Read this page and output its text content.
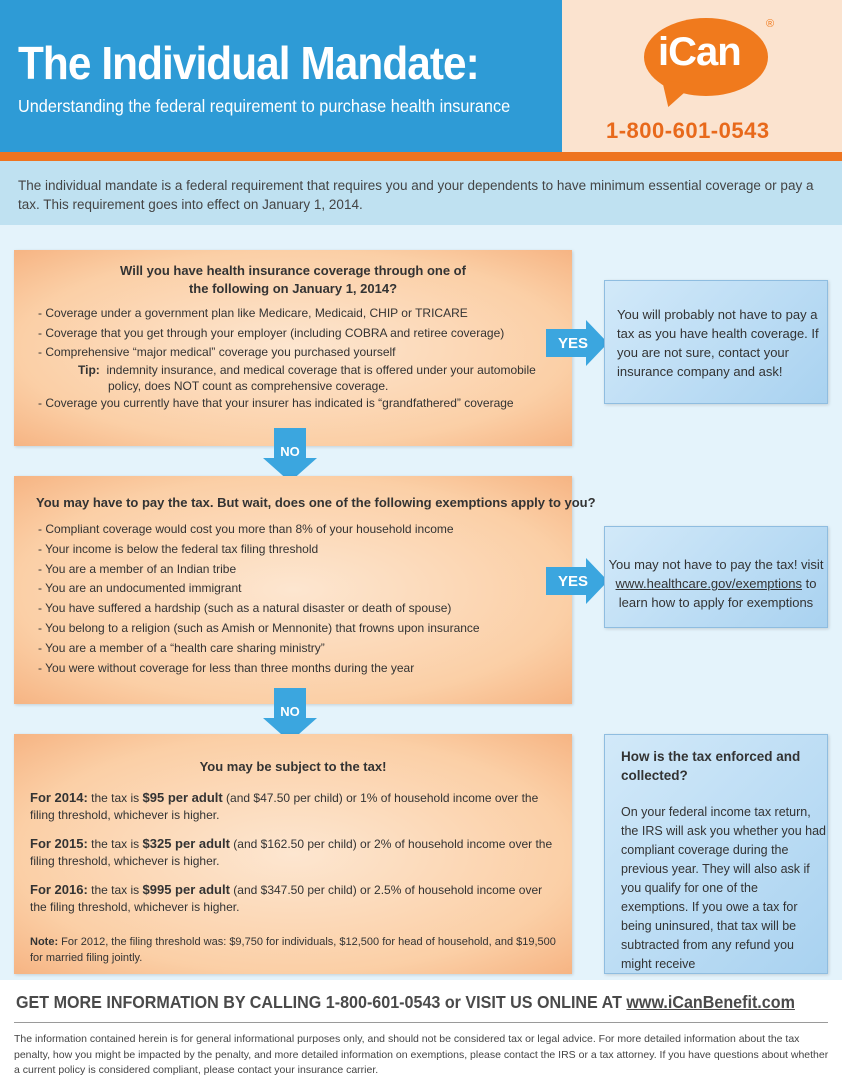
The Individual Mandate:
Understanding the federal requirement to purchase health insurance
iCan
®
1-800-601-0543
The individual mandate is a federal requirement that requires you and your dependents to have minimum essential coverage or pay a tax. This requirement goes into effect on January 1, 2014.
Will you have health insurance coverage through one of
the following on January 1, 2014?
- Coverage under a government plan like Medicare, Medicaid, CHIP or TRICARE
- Coverage that you get through your employer (including COBRA and retiree coverage)
- Comprehensive “major medical” coverage you purchased yourself
Tip: indemnity insurance, and medical coverage that is offered under your automobile
policy, does NOT count as comprehensive coverage.
- Coverage you currently have that your insurer has indicated is “grandfathered” coverage
YES
You will probably not have to pay a tax as you have health coverage. If you are not sure, contact your insurance company and ask!
NO
You may have to pay the tax. But wait, does one of the following exemptions apply to you?
- Compliant coverage would cost you more than 8% of your household income
- Your income is below the federal tax filing threshold
- You are a member of an Indian tribe
- You are an undocumented immigrant
- You have suffered a hardship (such as a natural disaster or death of spouse)
- You belong to a religion (such as Amish or Mennonite) that frowns upon insurance
- You are a member of a “health care sharing ministry”
- You were without coverage for less than three months during the year
YES
You may not have to pay the tax! visit
www.healthcare.gov/exemptions to
learn how to apply for exemptions
NO
You may be subject to the tax!
For 2014: the tax is $95 per adult (and $47.50 per child) or 1% of household income over the filing threshold, whichever is higher.
For 2015: the tax is $325 per adult (and $162.50 per child) or 2% of household income over the filing threshold, whichever is higher.
For 2016: the tax is $995 per adult (and $347.50 per child) or 2.5% of household income over the filing threshold, whichever is higher.
Note: For 2012, the filing threshold was: $9,750 for individuals, $12,500 for head of household, and $19,500 for married filing jointly.
How is the tax enforced and collected?
On your federal income tax return, the IRS will ask you whether you had compliant coverage during the previous year. They will also ask if you qualify for one of the exemptions. If you owe a tax for being uninsured, that tax will be subtracted from any refund you might receive
GET MORE INFORMATION BY CALLING 1-800-601-0543 or VISIT US ONLINE AT www.iCanBenefit.com
The information contained herein is for general informational purposes only, and should not be considered tax or legal advice. For more detailed information about the tax penalty, how you might be impacted by the penalty, and more detailed information on exemptions, please contact the IRS or a tax attorney. If you have questions about whether a current policy is considered compliant, please contact your insurance carrier.
